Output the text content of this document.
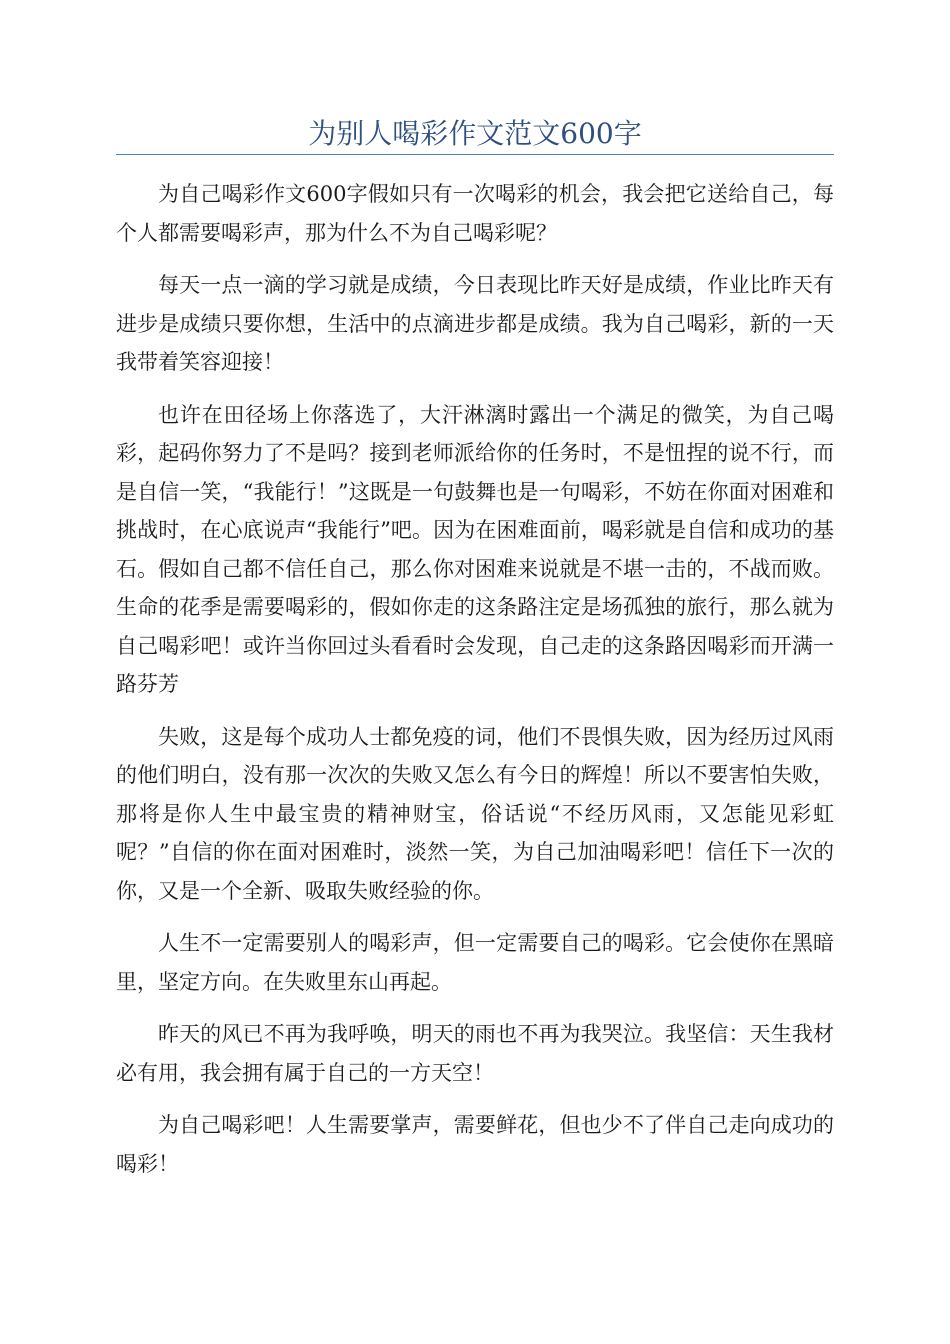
为别人喝彩作文范文600字

为自己喝彩作文600字假如只有一次喝彩的机会，我会把它送给自己，每个人都需要喝彩声，那为什么不为自己喝彩呢？

每天一点一滴的学习就是成绩，今日表现比昨天好是成绩，作业比昨天有进步是成绩只要你想，生活中的点滴进步都是成绩。我为自己喝彩，新的一天我带着笑容迎接！

也许在田径场上你落选了，大汗淋漓时露出一个满足的微笑，为自己喝彩，起码你努力了不是吗？接到老师派给你的任务时，不是忸捏的说不行，而是自信一笑，“我能行！”这既是一句鼓舞也是一句喝彩，不妨在你面对困难和挑战时，在心底说声“我能行”吧。因为在困难面前，喝彩就是自信和成功的基石。假如自己都不信任自己，那么你对困难来说就是不堪一击的，不战而败。生命的花季是需要喝彩的，假如你走的这条路注定是场孤独的旅行，那么就为自己喝彩吧！或许当你回过头看看时会发现，自己走的这条路因喝彩而开满一路芬芳

失败，这是每个成功人士都免疫的词，他们不畏惧失败，因为经历过风雨的他们明白，没有那一次次的失败又怎么有今日的辉煌！所以不要害怕失败，那将是你人生中最宝贵的精神财宝，俗话说“不经历风雨，又怎能见彩虹呢？”自信的你在面对困难时，淡然一笑，为自己加油喝彩吧！信任下一次的你，又是一个全新、吸取失败经验的你。

人生不一定需要别人的喝彩声，但一定需要自己的喝彩。它会使你在黑暗里，坚定方向。在失败里东山再起。

昨天的风已不再为我呼唤，明天的雨也不再为我哭泣。我坚信：天生我材必有用，我会拥有属于自己的一方天空！

为自己喝彩吧！人生需要掌声，需要鲜花，但也少不了伴自己走向成功的喝彩！
